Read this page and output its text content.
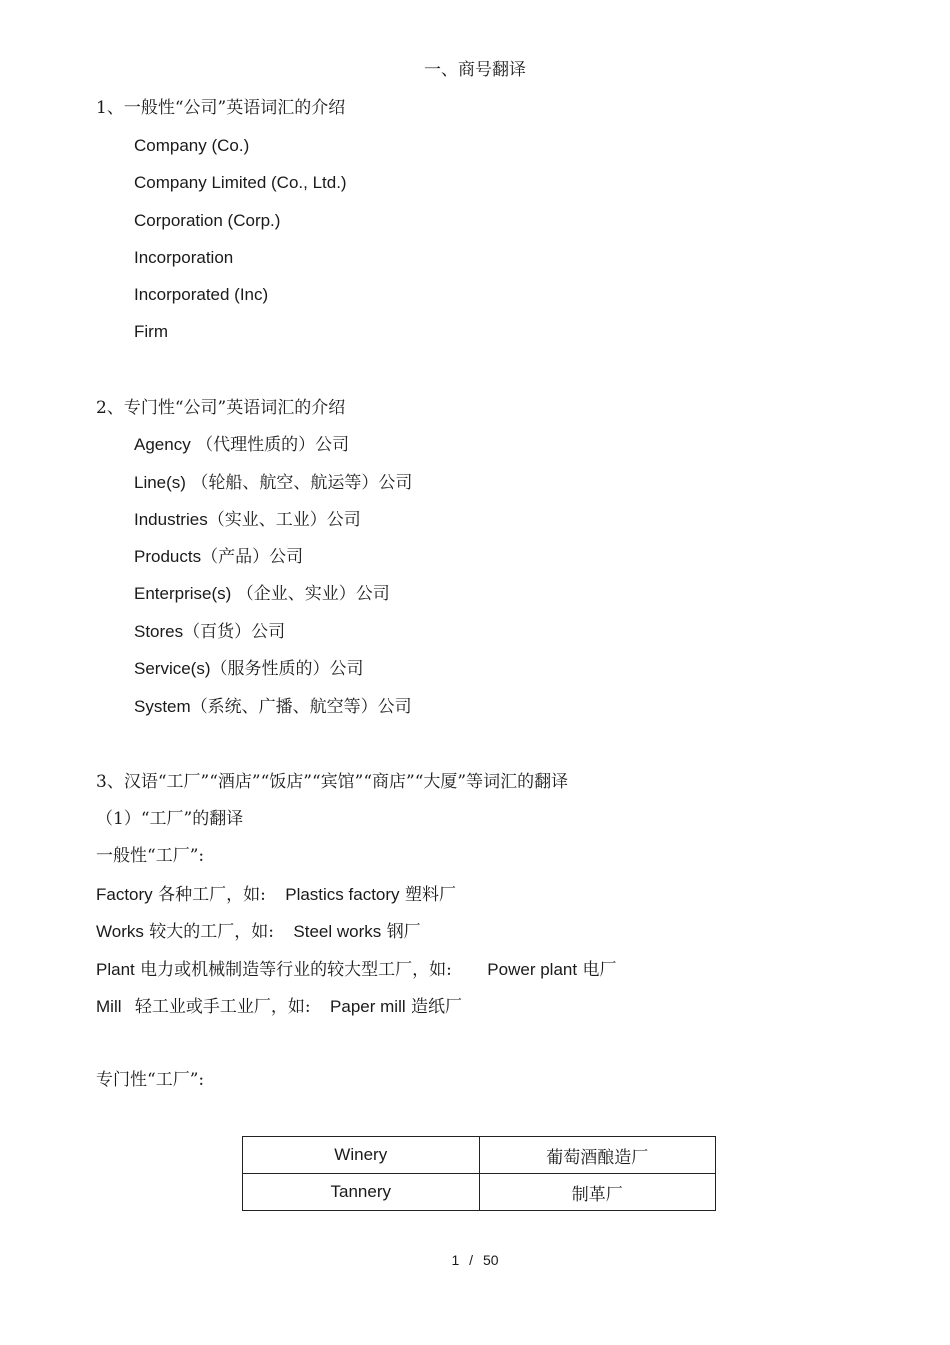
一、商号翻译
1、一般性“公司”英语词汇的介绍
Company (Co.)
Company Limited (Co., Ltd.)
Corporation (Corp.)
Incorporation
Incorporated (Inc)
Firm
2、专门性“公司”英语词汇的介绍
Agency （代理性质的）公司
Line(s) （轮船、航空、航运等）公司
Industries（实业、工业）公司
Products（产品）公司
Enterprise(s) （企业、实业）公司
Stores（百货）公司
Service(s)（服务性质的）公司
System（系统、广播、航空等）公司
3、汉语“工厂”“酒店”“饭店”“宾馆”“商店”“大厦”等词汇的翻译
（1）“工厂”的翻译
一般性“工厂”:
Factory 各种工厂，如: Plastics factory 塑料厂
Works 较大的工厂，如: Steel works 钢厂
Plant 电力或机械制造等行业的较大型工厂，如: Power plant 电厂
Mill 轻工业或手工业厂，如: Paper mill 造纸厂
专门性“工厂”:
Winery	葡萄酒酿造厂
Tannery	制革厂
1 / 50
